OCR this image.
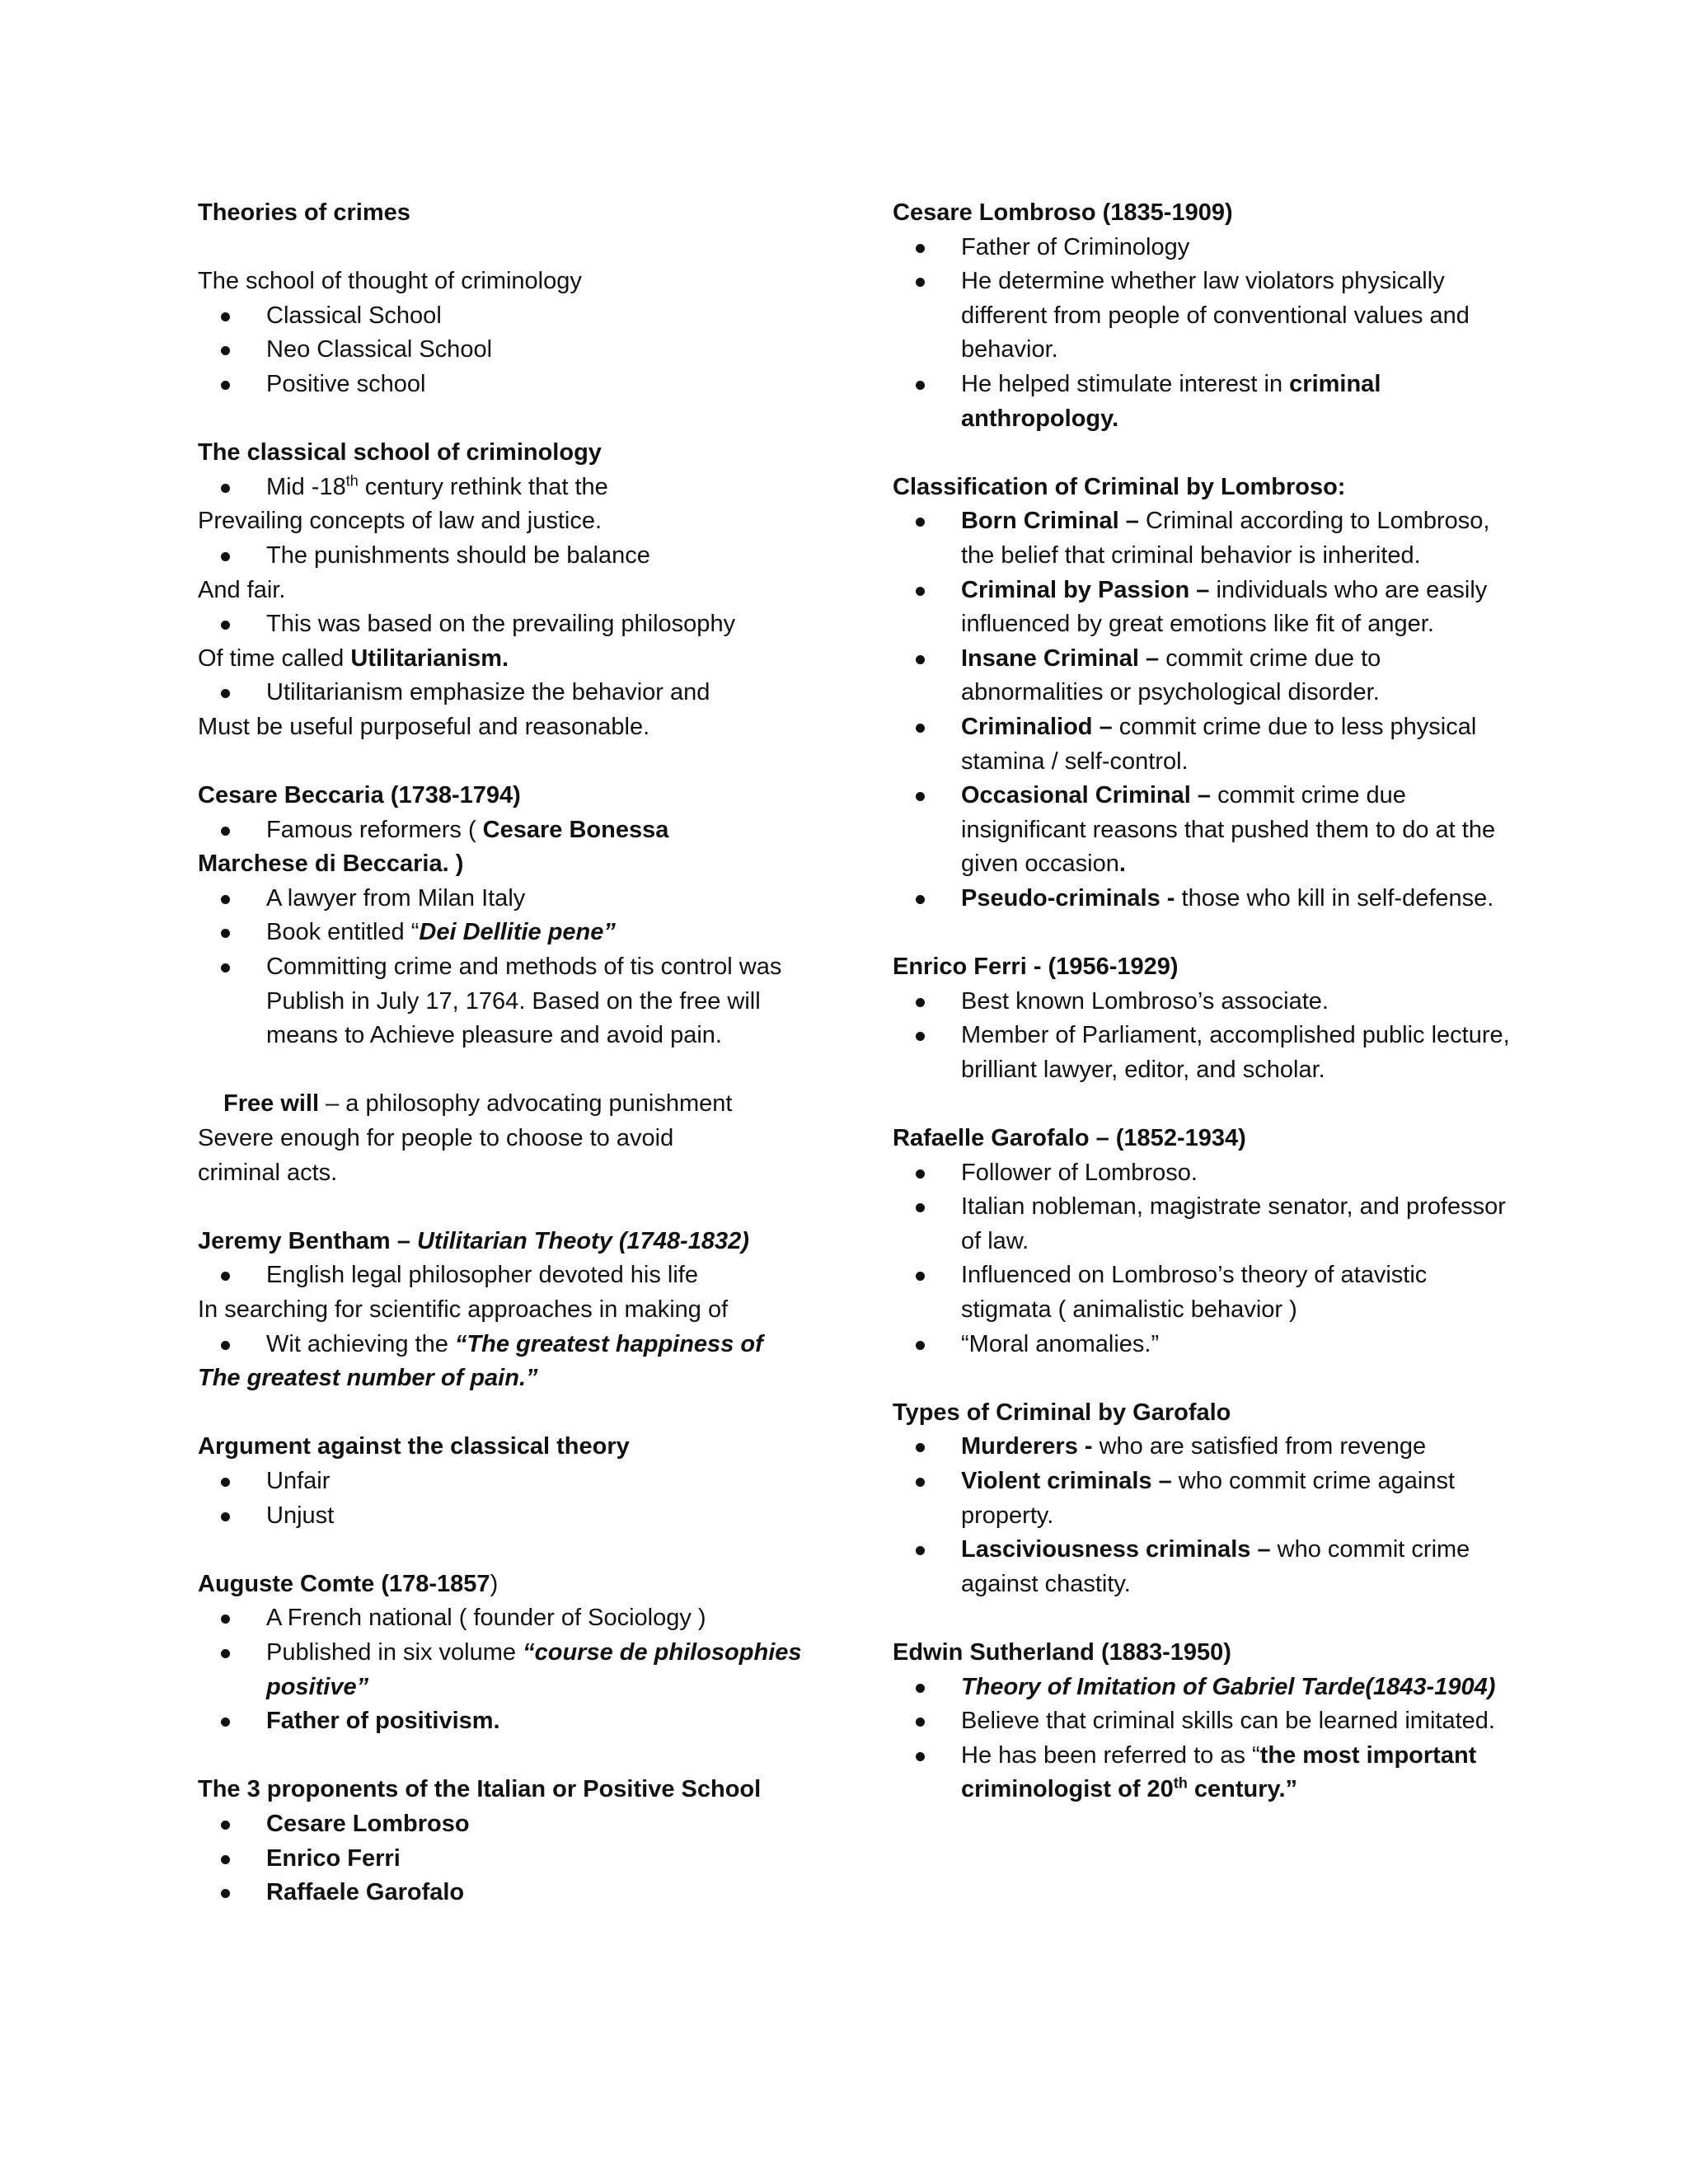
Theories of crimes
The school of thought of criminology
Classical School
Neo Classical School
Positive school
The classical school of criminology
Mid -18th century rethink that the
Prevailing concepts of law and justice.
The punishments should be balance
And fair.
This was based on the prevailing philosophy
Of time called Utilitarianism.
Utilitarianism emphasize the behavior and
Must be useful purposeful and reasonable.
Cesare Beccaria (1738-1794)
Famous reformers ( Cesare Bonessa
Marchese di Beccaria. )
A lawyer from Milan Italy
Book entitled “Dei Dellitie pene”
Committing crime and methods of tis control was Publish in July 17, 1764. Based on the free will means to Achieve pleasure and avoid pain.
Free will – a philosophy advocating punishment
Severe enough for people to choose to avoid
criminal acts.
Jeremy Bentham – Utilitarian Theoty (1748-1832)
English legal philosopher devoted his life
In searching for scientific approaches in making of
Wit achieving the “The greatest happiness of
The greatest number of pain.”
Argument against the classical theory
Unfair
Unjust
Auguste Comte (178-1857)
A French national ( founder of Sociology )
Published in six volume “course de philosophies positive”
Father of positivism.
The 3 proponents of the Italian or Positive School
Cesare Lombroso
Enrico Ferri
Raffaele Garofalo
Cesare Lombroso (1835-1909)
Father of Criminology
He determine whether law violators physically different from people of conventional values and behavior.
He helped stimulate interest in criminal anthropology.
Classification of Criminal by Lombroso:
Born Criminal – Criminal according to Lombroso, the belief that criminal behavior is inherited.
Criminal by Passion – individuals who are easily influenced by great emotions like fit of anger.
Insane Criminal – commit crime due to abnormalities or psychological disorder.
Criminaliod – commit crime due to less physical stamina / self-control.
Occasional Criminal – commit crime due insignificant reasons that pushed them to do at the given occasion.
Pseudo-criminals - those who kill in self-defense.
Enrico Ferri - (1956-1929)
Best known Lombroso’s associate.
Member of Parliament, accomplished public lecture, brilliant lawyer, editor, and scholar.
Rafaelle Garofalo – (1852-1934)
Follower of Lombroso.
Italian nobleman, magistrate senator, and professor of law.
Influenced on Lombroso’s theory of atavistic stigmata ( animalistic behavior )
“Moral anomalies.”
Types of Criminal by Garofalo
Murderers - who are satisfied from revenge
Violent criminals – who commit crime against property.
Lasciviousness criminals – who commit crime against chastity.
Edwin Sutherland (1883-1950)
Theory of Imitation of Gabriel Tarde(1843-1904)
Believe that criminal skills can be learned imitated.
He has been referred to as “the most important criminologist of 20th century.”
